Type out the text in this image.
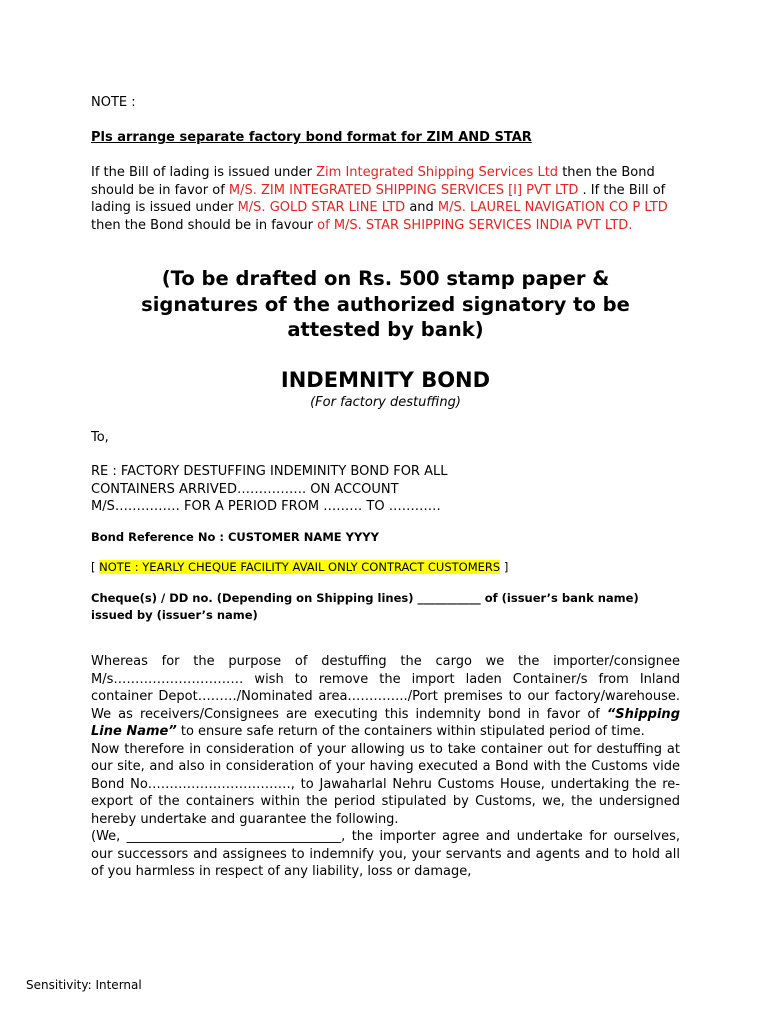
NOTE :
Pls arrange separate factory bond format for ZIM AND STAR
If the Bill of lading is issued under Zim Integrated Shipping Services Ltd then the Bond should be in favor of M/S. ZIM INTEGRATED SHIPPING SERVICES [I] PVT LTD . If the Bill of lading is issued under M/S. GOLD STAR LINE LTD and M/S. LAUREL NAVIGATION CO P LTD then the Bond should be in favour of M/S. STAR SHIPPING SERVICES INDIA PVT LTD.
(To be drafted on Rs. 500 stamp paper & signatures of the authorized signatory to be attested by bank)
INDEMNITY BOND
(For factory destuffing)
To,
RE : FACTORY DESTUFFING INDEMINITY BOND FOR ALL
CONTAINERS ARRIVED……………. ON ACCOUNT
M/S…………… FOR A PERIOD FROM ……… TO …………
Bond Reference No : CUSTOMER NAME YYYY
[ NOTE : YEARLY CHEQUE FACILITY AVAIL ONLY CONTRACT CUSTOMERS ]
Cheque(s) / DD no. (Depending on Shipping lines) ___________ of (issuer’s bank name) issued by (issuer’s name)
Whereas for the purpose of destuffing the cargo we the importer/consignee M/s………………………… wish to remove the import laden Container/s from Inland container Depot………/Nominated area…………../Port premises to our factory/warehouse. We as receivers/Consignees are executing this indemnity bond in favor of “Shipping Line Name” to ensure safe return of the containers within stipulated period of time.
Now therefore in consideration of your allowing us to take container out for destuffing at our site, and also in consideration of your having executed a Bond with the Customs vide Bond No……………………………, to Jawaharlal Nehru Customs House, undertaking the re-export of the containers within the period stipulated by Customs, we, the undersigned hereby undertake and guarantee the following.
(We, _________________________________, the importer agree and undertake for ourselves, our successors and assignees to indemnify you, your servants and agents and to hold all of you harmless in respect of any liability, loss or damage,
Sensitivity: Internal
